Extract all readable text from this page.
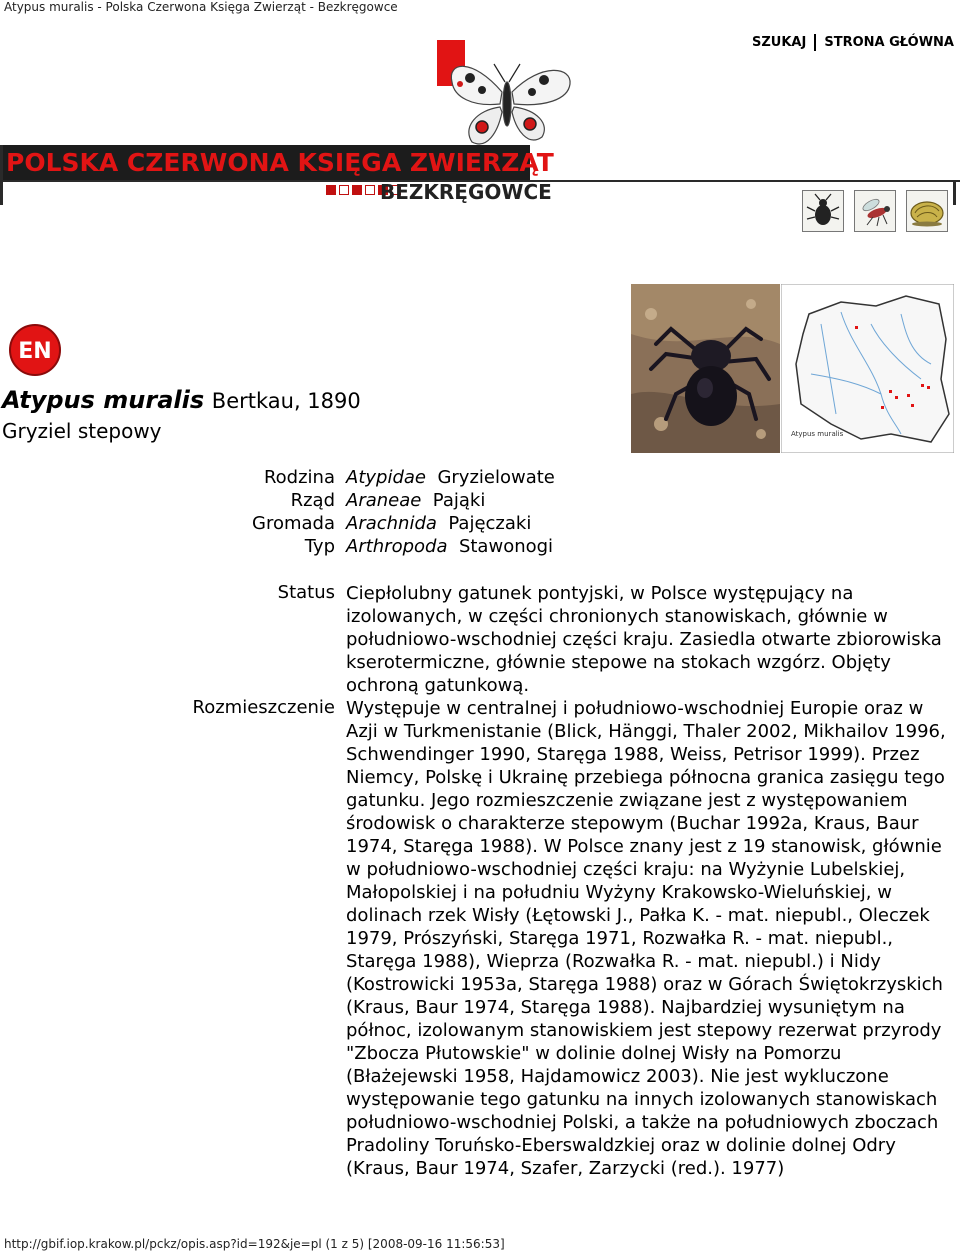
Atypus muralis - Polska Czerwona Księga Zwierząt - Bezkręgowce
SZUKAJ STRONA GŁÓWNA
POLSKA CZERWONA KSIĘGA ZWIERZĄT
BEZKRĘGOWCE
Atypus muralis
EN
Atypus muralis Bertkau, 1890
Gryziel stepowy
Rodzina Atypidae Gryzielowate
Rząd Araneae Pająki
Gromada Arachnida Pajęczaki
Typ Arthropoda Stawonogi
Status Ciepłolubny gatunek pontyjski, w Polsce występujący na izolowanych, w części chronionych stanowiskach, głównie w południowo-wschodniej części kraju. Zasiedla otwarte zbiorowiska kserotermiczne, głównie stepowe na stokach wzgórz. Objęty ochroną gatunkową.
Rozmieszczenie Występuje w centralnej i południowo-wschodniej Europie oraz w Azji w Turkmenistanie (Blick, Hänggi, Thaler 2002, Mikhailov 1996, Schwendinger 1990, Staręga 1988, Weiss, Petrisor 1999). Przez Niemcy, Polskę i Ukrainę przebiega północna granica zasięgu tego gatunku. Jego rozmieszczenie związane jest z występowaniem środowisk o charakterze stepowym (Buchar 1992a, Kraus, Baur 1974, Staręga 1988). W Polsce znany jest z 19 stanowisk, głównie w południowo-wschodniej części kraju: na Wyżynie Lubelskiej, Małopolskiej i na południu Wyżyny Krakowsko-Wieluńskiej, w dolinach rzek Wisły (Łętowski J., Pałka K. - mat. niepubl., Oleczek 1979, Prószyński, Staręga 1971, Rozwałka R. - mat. niepubl., Staręga 1988), Wieprza (Rozwałka R. - mat. niepubl.) i Nidy (Kostrowicki 1953a, Staręga 1988) oraz w Górach Świętokrzyskich (Kraus, Baur 1974, Staręga 1988). Najbardziej wysuniętym na północ, izolowanym stanowiskiem jest stepowy rezerwat przyrody "Zbocza Płutowskie" w dolinie dolnej Wisły na Pomorzu (Błażejewski 1958, Hajdamowicz 2003). Nie jest wykluczone występowanie tego gatunku na innych izolowanych stanowiskach południowo-wschodniej Polski, a także na południowych zboczach Pradoliny Toruńsko-Eberswaldzkiej oraz w dolinie dolnej Odry (Kraus, Baur 1974, Szafer, Zarzycki (red.). 1977)
http://gbif.iop.krakow.pl/pckz/opis.asp?id=192&je=pl (1 z 5) [2008-09-16 11:56:53]
